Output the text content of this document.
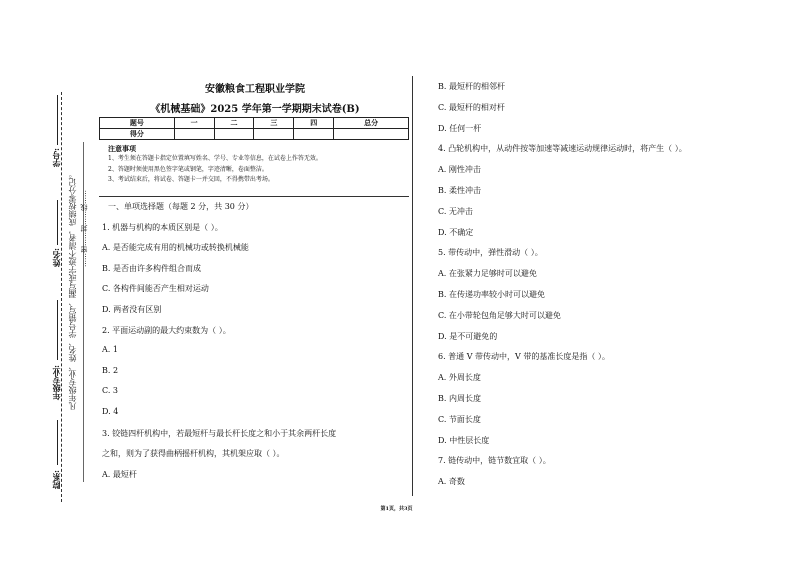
学号:
姓名:
年级专业:
院系:
凡年级专业、姓名、学号错写、漏写或字迹不清者，成绩按零分记。 ……密……封……线……
安徽粮食工程职业学院
《机械基础》2025 学年第一学期期末试卷(B)
题号	一	二	三	四	总分
得分					
注意事项
1、考生须在答题卡指定位置填写姓名、学号、专业等信息，在试卷上作答无效。
2、答题时须使用黑色签字笔或钢笔，字迹清晰，卷面整洁。
3、考试结束后，将试卷、答题卡一并交回，不得携带出考场。
一、单项选择题（每题 2 分，共 30 分）
1. 机器与机构的本质区别是（ ）。
A. 是否能完成有用的机械功或转换机械能
B. 是否由许多构件组合而成
C. 各构件间能否产生相对运动
D. 两者没有区别
2. 平面运动副的最大约束数为（ ）。
A. 1
B. 2
C. 3
D. 4
3. 铰链四杆机构中，若最短杆与最长杆长度之和小于其余两杆长度
之和，则为了获得曲柄摇杆机构，其机架应取（ ）。
A. 最短杆
B. 最短杆的相邻杆
C. 最短杆的相对杆
D. 任何一杆
4. 凸轮机构中，从动件按等加速等减速运动规律运动时，将产生（ ）。
A. 刚性冲击
B. 柔性冲击
C. 无冲击
D. 不确定
5. 带传动中，弹性滑动（ ）。
A. 在张紧力足够时可以避免
B. 在传递功率较小时可以避免
C. 在小带轮包角足够大时可以避免
D. 是不可避免的
6. 普通 V 带传动中，V 带的基准长度是指（ ）。
A. 外周长度
B. 内周长度
C. 节面长度
D. 中性层长度
7. 链传动中，链节数宜取（ ）。
A. 奇数
第1页，共3页
